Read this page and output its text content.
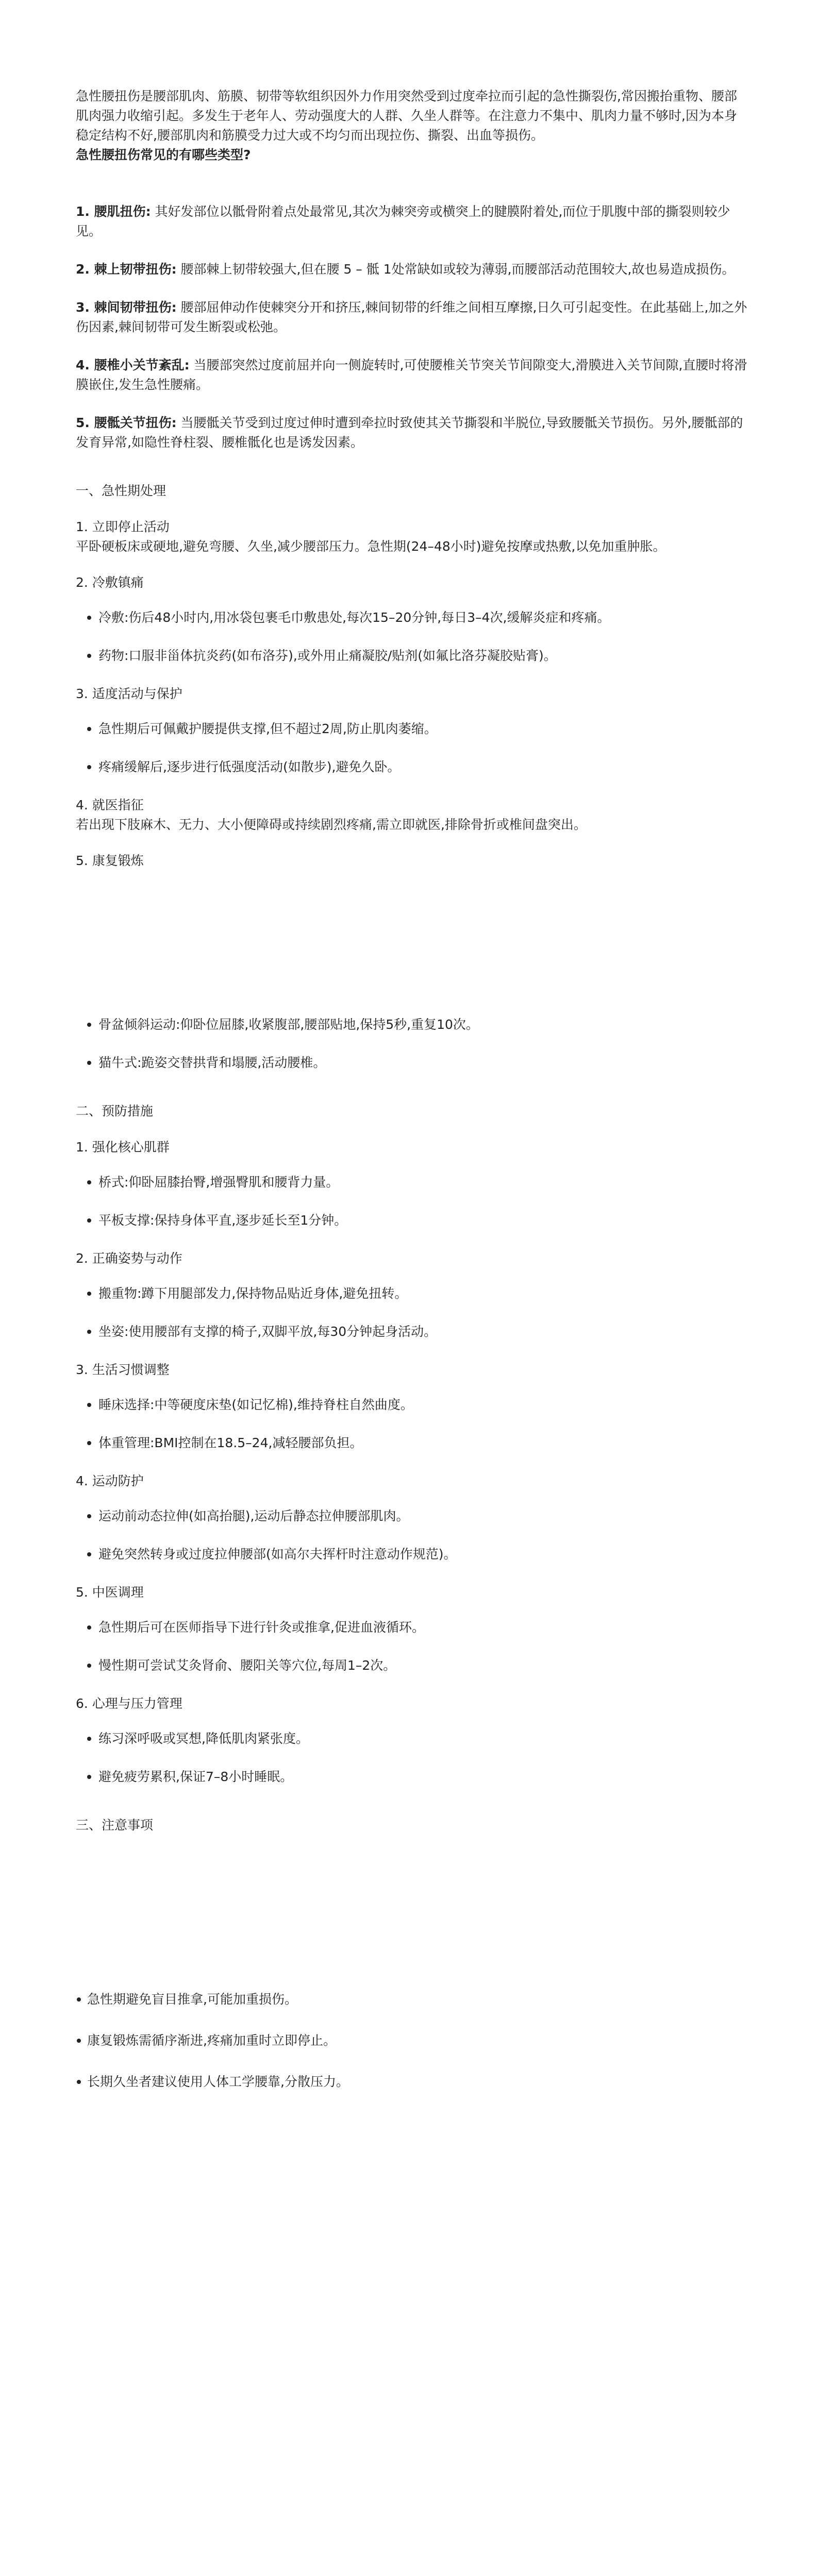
急性腰扭伤是腰部肌肉、筋膜、韧带等软组织因外力作用突然受到过度牵拉而引起的急性撕裂伤,常因搬抬重物、腰部肌肉强力收缩引起。多发生于老年人、劳动强度大的人群、久坐人群等。在注意力不集中、肌肉力量不够时,因为本身稳定结构不好,腰部肌肉和筋膜受力过大或不均匀而出现拉伤、撕裂、出血等损伤。

急性腰扭伤常见的有哪些类型?

1. 腰肌扭伤: 其好发部位以骶骨附着点处最常见,其次为棘突旁或横突上的腱膜附着处,而位于肌腹中部的撕裂则较少见。

2. 棘上韧带扭伤: 腰部棘上韧带较强大,但在腰 5 – 骶 1处常缺如或较为薄弱,而腰部活动范围较大,故也易造成损伤。

3. 棘间韧带扭伤: 腰部屈伸动作使棘突分开和挤压,棘间韧带的纤维之间相互摩擦,日久可引起变性。在此基础上,加之外伤因素,棘间韧带可发生断裂或松弛。

4. 腰椎小关节紊乱: 当腰部突然过度前屈并向一侧旋转时,可使腰椎关节突关节间隙变大,滑膜进入关节间隙,直腰时将滑膜嵌住,发生急性腰痛。

5. 腰骶关节扭伤: 当腰骶关节受到过度过伸时遭到牵拉时致使其关节撕裂和半脱位,导致腰骶关节损伤。另外,腰骶部的发育异常,如隐性脊柱裂、腰椎骶化也是诱发因素。

一、急性期处理

1. 立即停止活动

平卧硬板床或硬地,避免弯腰、久坐,减少腰部压力。急性期(24–48小时)避免按摩或热敷,以免加重肿胀。

2. 冷敷镇痛

冷敷:伤后48小时内,用冰袋包裹毛巾敷患处,每次15–20分钟,每日3–4次,缓解炎症和疼痛。
药物:口服非甾体抗炎药(如布洛芬),或外用止痛凝胶/贴剂(如氟比洛芬凝胶贴膏)。

3. 适度活动与保护

急性期后可佩戴护腰提供支撑,但不超过2周,防止肌肉萎缩。
疼痛缓解后,逐步进行低强度活动(如散步),避免久卧。

4. 就医指征

若出现下肢麻木、无力、大小便障碍或持续剧烈疼痛,需立即就医,排除骨折或椎间盘突出。

5. 康复锻炼

骨盆倾斜运动:仰卧位屈膝,收紧腹部,腰部贴地,保持5秒,重复10次。
猫牛式:跪姿交替拱背和塌腰,活动腰椎。

二、预防措施

1. 强化核心肌群

桥式:仰卧屈膝抬臀,增强臀肌和腰背力量。
平板支撑:保持身体平直,逐步延长至1分钟。

2. 正确姿势与动作

搬重物:蹲下用腿部发力,保持物品贴近身体,避免扭转。
坐姿:使用腰部有支撑的椅子,双脚平放,每30分钟起身活动。

3. 生活习惯调整

睡床选择:中等硬度床垫(如记忆棉),维持脊柱自然曲度。
体重管理:BMI控制在18.5–24,减轻腰部负担。

4. 运动防护

运动前动态拉伸(如高抬腿),运动后静态拉伸腰部肌肉。
避免突然转身或过度拉伸腰部(如高尔夫挥杆时注意动作规范)。

5. 中医调理

急性期后可在医师指导下进行针灸或推拿,促进血液循环。
慢性期可尝试艾灸肾俞、腰阳关等穴位,每周1–2次。

6. 心理与压力管理

练习深呼吸或冥想,降低肌肉紧张度。
避免疲劳累积,保证7–8小时睡眠。

三、注意事项

急性期避免盲目推拿,可能加重损伤。
康复锻炼需循序渐进,疼痛加重时立即停止。
长期久坐者建议使用人体工学腰靠,分散压力。
